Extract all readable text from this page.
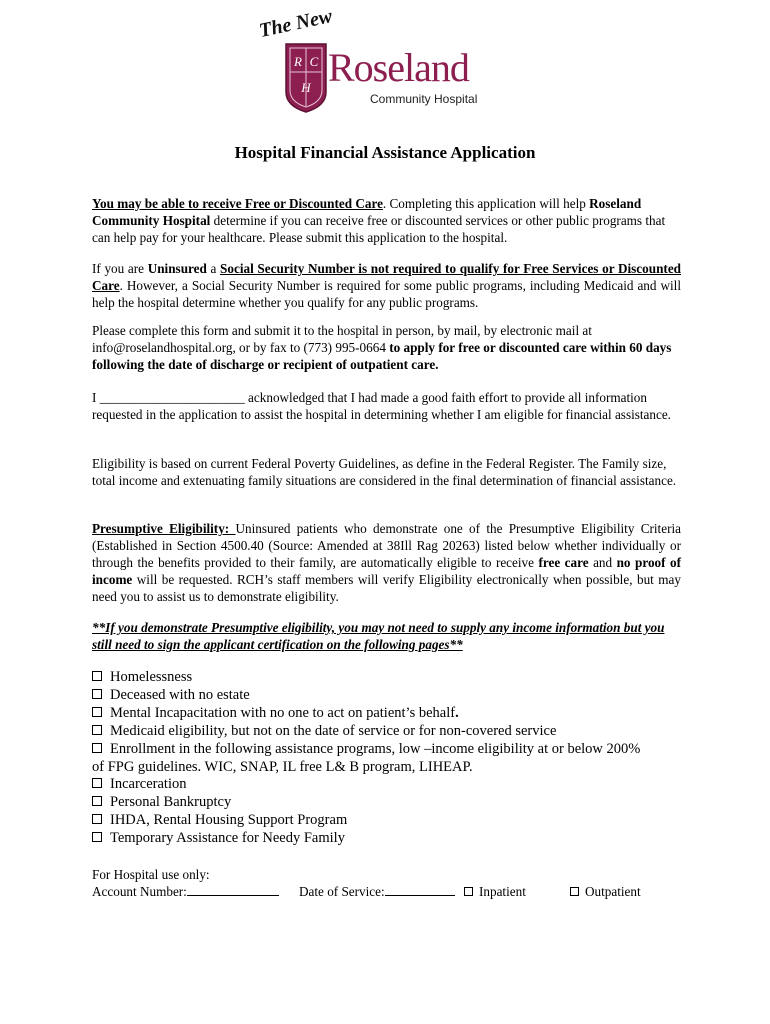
The New
R C
H Roseland
Community Hospital
Hospital Financial Assistance Application

You may be able to receive Free or Discounted Care. Completing this application will help Roseland Community Hospital determine if you can receive free or discounted services or other public programs that can help pay for your healthcare. Please submit this application to the hospital.

If you are Uninsured a Social Security Number is not required to qualify for Free Services or Discounted Care. However, a Social Security Number is required for some public programs, including Medicaid and will help the hospital determine whether you qualify for any public programs.

Please complete this form and submit it to the hospital in person, by mail, by electronic mail at info@roselandhospital.org, or by fax to (773) 995-0664 to apply for free or discounted care within 60 days following the date of discharge or recipient of outpatient care.

I ______________________ acknowledged that I had made a good faith effort to provide all information requested in the application to assist the hospital in determining whether I am eligible for financial assistance.

Eligibility is based on current Federal Poverty Guidelines, as define in the Federal Register. The Family size, total income and extenuating family situations are considered in the final determination of financial assistance.

Presumptive Eligibility: Uninsured patients who demonstrate one of the Presumptive Eligibility Criteria (Established in Section 4500.40 (Source: Amended at 38Ill Rag 20263) listed below whether individually or through the benefits provided to their family, are automatically eligible to receive free care and no proof of income will be requested. RCH’s staff members will verify Eligibility electronically when possible, but may need you to assist us to demonstrate eligibility.

**If you demonstrate Presumptive eligibility, you may not need to supply any income information but you still need to sign the applicant certification on the following pages**

Homelessness
Deceased with no estate
Mental Incapacitation with no one to act on patient’s behalf.
Medicaid eligibility, but not on the date of service or for non-covered service
Enrollment in the following assistance programs, low –income eligibility at or below 200%
of FPG guidelines. WIC, SNAP, IL free L& B program, LIHEAP.
Incarceration
Personal Bankruptcy
IHDA, Rental Housing Support Program
Temporary Assistance for Needy Family
For Hospital use only:
Account Number:	Date of Service:	Inpatient	Outpatient
